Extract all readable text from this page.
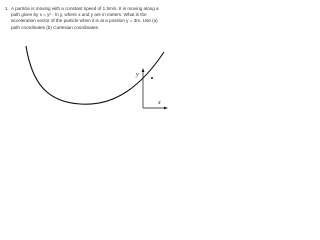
1. A particle is moving with a constant speed of 1.5m/s. It is moving along a path given by x = y² - ln y, where x and y are in meters. What is the acceleration vector of the particle when it is at a position y = 3m. Use (a) path coordinates (b) Cartesian coordinates.
y
x
